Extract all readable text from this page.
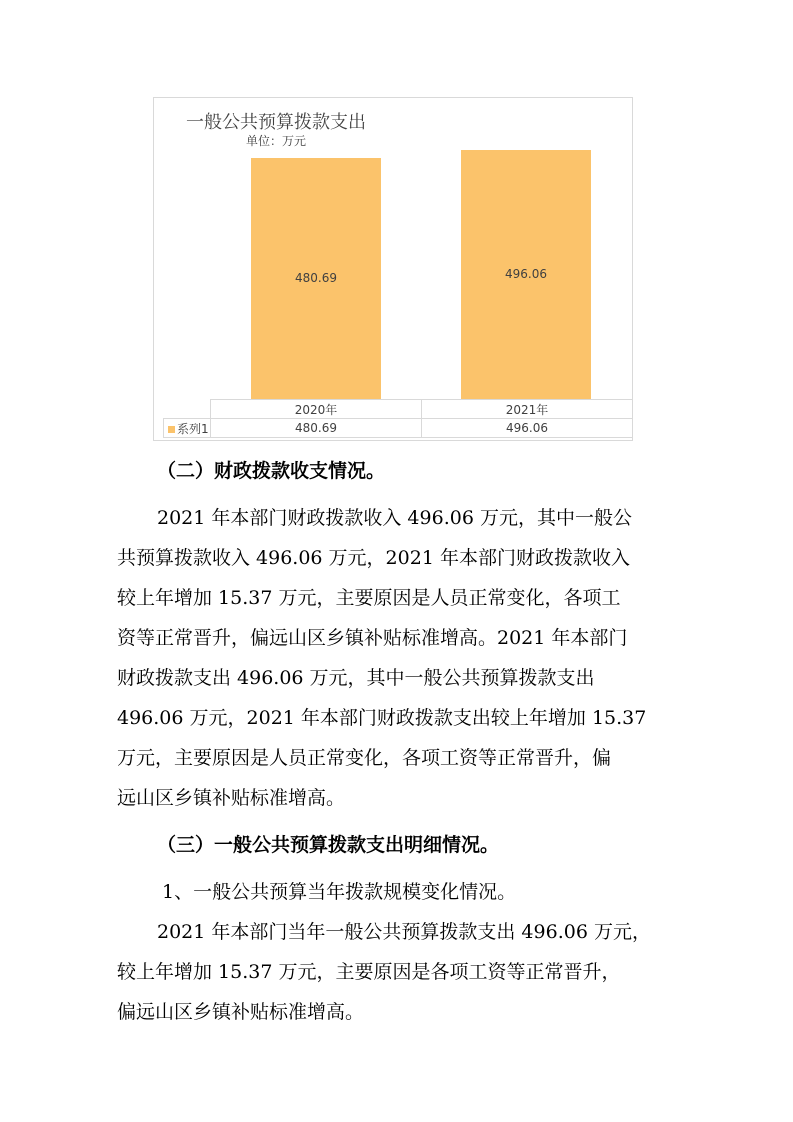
一般公共预算拨款支出
单位：万元
480.69	496.06
	2020年	2021年
系列1	480.69	496.06
（二）财政拨款收支情况。
2021 年本部门财政拨款收入 496.06 万元，其中一般公
共预算拨款收入 496.06 万元，2021 年本部门财政拨款收入
较上年增加 15.37 万元，主要原因是人员正常变化，各项工
资等正常晋升，偏远山区乡镇补贴标准增高。2021 年本部门
财政拨款支出 496.06 万元，其中一般公共预算拨款支出
496.06 万元，2021 年本部门财政拨款支出较上年增加 15.37
万元，主要原因是人员正常变化，各项工资等正常晋升，偏
远山区乡镇补贴标准增高。
（三）一般公共预算拨款支出明细情况。
1、一般公共预算当年拨款规模变化情况。
2021 年本部门当年一般公共预算拨款支出 496.06 万元，
较上年增加 15.37 万元，主要原因是各项工资等正常晋升，
偏远山区乡镇补贴标准增高。
